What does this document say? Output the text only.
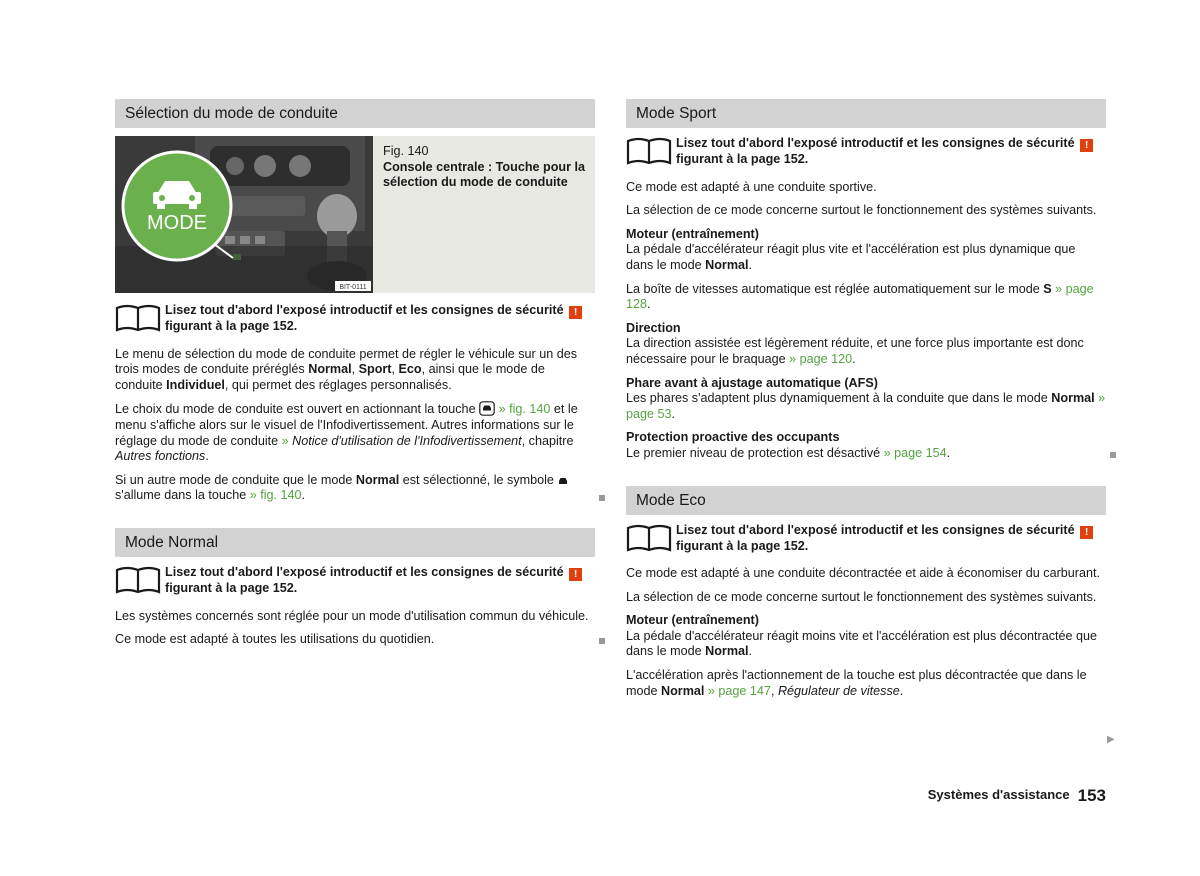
Sélection du mode de conduite
MODE
BIT-0111
Fig. 140
Console centrale : Touche pour la sélection du mode de conduite
Lisez tout d'abord l'exposé introductif et les consignes de sécurité !
figurant à la page 152.

Le menu de sélection du mode de conduite permet de régler le véhicule sur un des trois modes de conduite préréglés Normal, Sport, Eco, ainsi que le mode de conduite Individuel, qui permet des réglages personnalisés.

Le choix du mode de conduite est ouvert en actionnant la touche  » fig. 140 et le menu s'affiche alors sur le visuel de l'Infodivertissement. Autres informations sur le réglage du mode de conduite » Notice d'utilisation de l'Infodivertissement, chapitre Autres fonctions.

Si un autre mode de conduite que le mode Normal est sélectionné, le symbole  s'allume dans la touche » fig. 140.

Mode Normal
Lisez tout d'abord l'exposé introductif et les consignes de sécurité !
figurant à la page 152.

Les systèmes concernés sont réglée pour un mode d'utilisation commun du véhicule.

Ce mode est adapté à toutes les utilisations du quotidien.

Mode Sport
Lisez tout d'abord l'exposé introductif et les consignes de sécurité !
figurant à la page 152.

Ce mode est adapté à une conduite sportive.

La sélection de ce mode concerne surtout le fonctionnement des systèmes suivants.

Moteur (entraînement)

La pédale d'accélérateur réagit plus vite et l'accélération est plus dynamique que dans le mode Normal.

La boîte de vitesses automatique est réglée automatiquement sur le mode S » page 128.

Direction

La direction assistée est légèrement réduite, et une force plus importante est donc nécessaire pour le braquage » page 120.

Phare avant à ajustage automatique (AFS)

Les phares s'adaptent plus dynamiquement à la conduite que dans le mode Normal » page 53.

Protection proactive des occupants

Le premier niveau de protection est désactivé » page 154.

Mode Eco
Lisez tout d'abord l'exposé introductif et les consignes de sécurité !
figurant à la page 152.

Ce mode est adapté à une conduite décontractée et aide à économiser du carburant.

La sélection de ce mode concerne surtout le fonctionnement des systèmes suivants.

Moteur (entraînement)

La pédale d'accélérateur réagit moins vite et l'accélération est plus décontractée que dans le mode Normal.

L'accélération après l'actionnement de la touche est plus décontractée que dans le mode Normal » page 147, Régulateur de vitesse.

▶
Systèmes d'assistance 153
